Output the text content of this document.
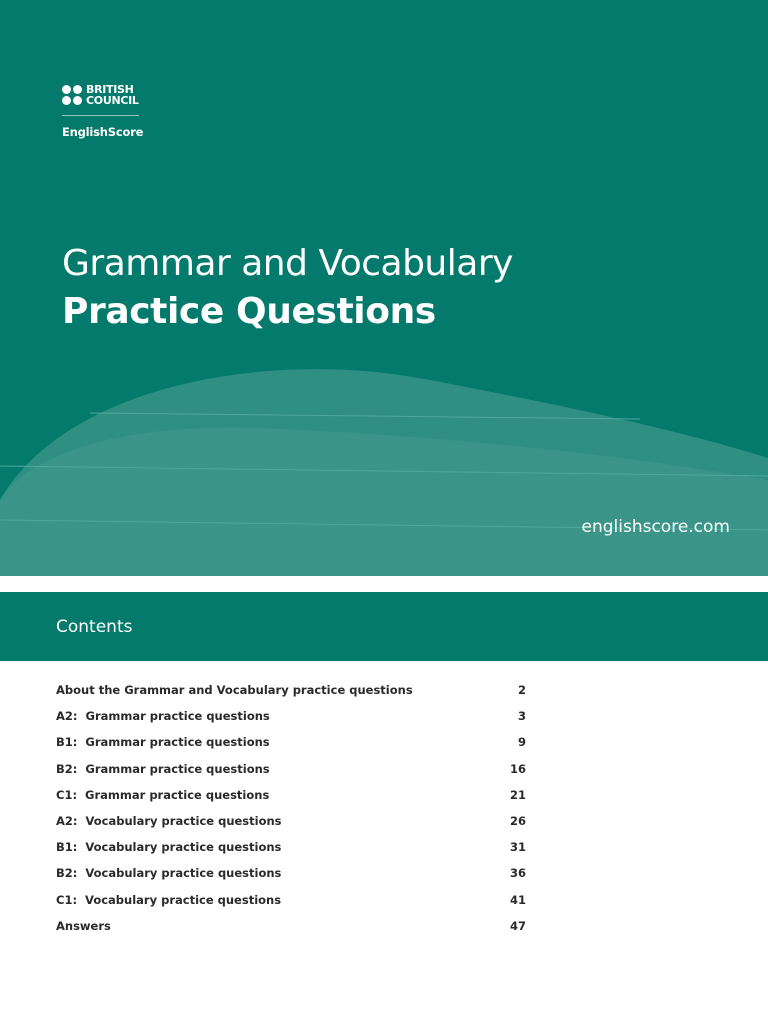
BRITISH
COUNCIL
EnglishScore
Grammar and Vocabulary
Practice Questions
englishscore.com
Contents
About the Grammar and Vocabulary practice questions	2
A2:  Grammar practice questions	3
B1:  Grammar practice questions	9
B2:  Grammar practice questions	16
C1:  Grammar practice questions	21
A2:  Vocabulary practice questions	26
B1:  Vocabulary practice questions	31
B2:  Vocabulary practice questions	36
C1:  Vocabulary practice questions	41
Answers	47
